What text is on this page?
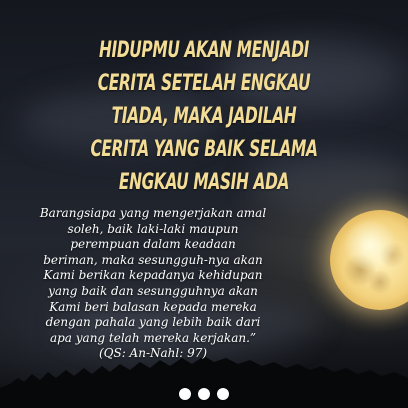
HIDUPMU AKAN MENJADI
CERITA SETELAH ENGKAU
TIADA, MAKA JADILAH
CERITA YANG BAIK SELAMA
ENGKAU MASIH ADA
Barangsiapa yang mengerjakan amal
soleh, baik laki-laki maupun
perempuan dalam keadaan
beriman, maka sesungguh-nya akan
Kami berikan kepadanya kehidupan
yang baik dan sesungguhnya akan
Kami beri balasan kepada mereka
dengan pahala yang lebih baik dari
apa yang telah mereka kerjakan.”
(QS: An-Nahl: 97)
